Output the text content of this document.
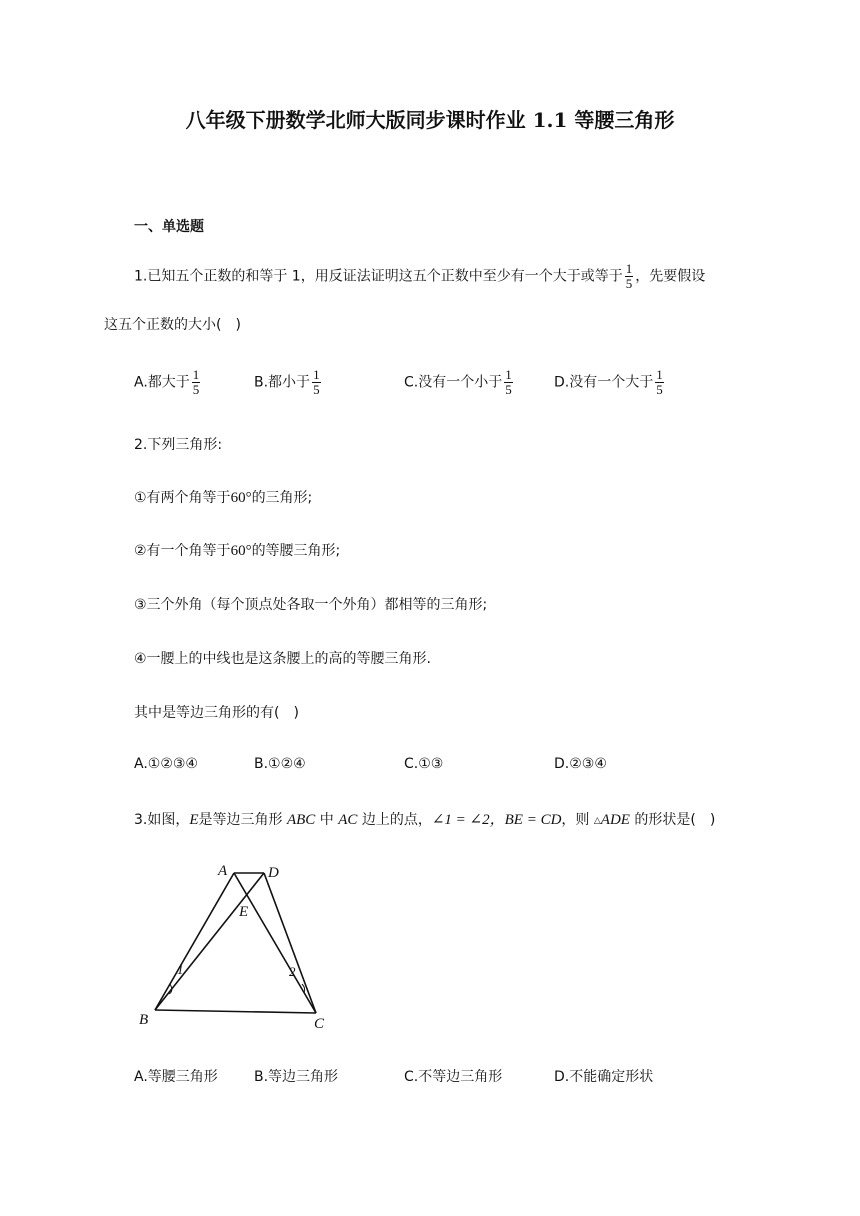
八年级下册数学北师大版同步课时作业 1.1 等腰三角形
一、单选题
1.已知五个正数的和等于 1，用反证法证明这五个正数中至少有一个大于或等于 $\frac{1}{5}$ ，先要假设
这五个正数的大小(　)
A.都大于 $\frac{1}{5}$	B.都小于 $\frac{1}{5}$	C.没有一个小于 $\frac{1}{5}$	D.没有一个大于 $\frac{1}{5}$
2.下列三角形:
①有两个角等于60°的三角形;
②有一个角等于60°的等腰三角形;
③三个外角（每个顶点处各取一个外角）都相等的三角形;
④一腰上的中线也是这条腰上的高的等腰三角形.
其中是等边三角形的有(　)
A.①②③④	B.①②④	C.①③	D.②③④
3.如图，E是等边三角形 ABC 中 AC 边上的点，∠1 = ∠2，BE = CD，则 △ADE 的形状是(　)
A	D
E
B	C
1	2
A.等腰三角形	B.等边三角形	C.不等边三角形	D.不能确定形状
